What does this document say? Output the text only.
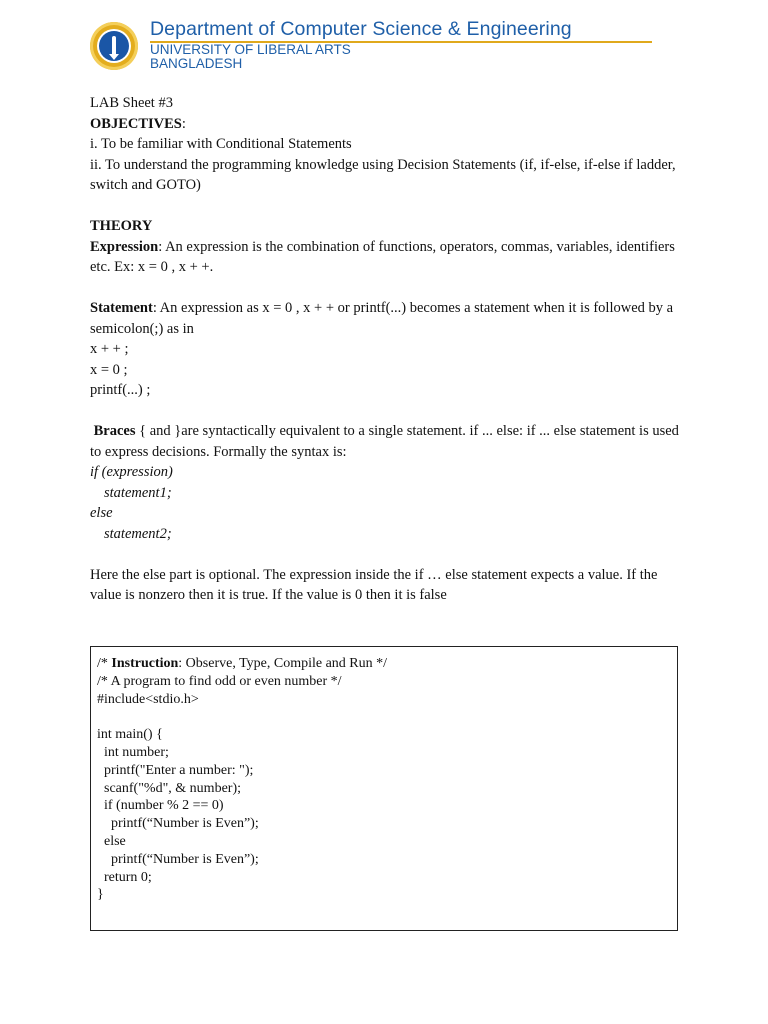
Department of Computer Science & Engineering
UNIVERSITY OF LIBERAL ARTS
BANGLADESH

LAB Sheet #3

OBJECTIVES:

i. To be familiar with Conditional Statements

ii. To understand the programming knowledge using Decision Statements (if, if-else, if-else if ladder, switch and GOTO)

THEORY

Expression: An expression is the combination of functions, operators, commas, variables, identifiers etc. Ex: x = 0 , x + +.

Statement: An expression as x = 0 , x + + or printf(...) becomes a statement when it is followed by a semicolon(;) as in

x + + ;

x = 0 ;

printf(...) ;

Braces { and }are syntactically equivalent to a single statement. if ... else: if ... else statement is used to express decisions. Formally the syntax is:

if (expression)

statement1;

else

statement2;

Here the else part is optional. The expression inside the if … else statement expects a value. If the value is nonzero then it is true. If the value is 0 then it is false

/* Instruction: Observe, Type, Compile and Run */

/* A program to find odd or even number */

#include<stdio.h>

int main() {

int number;

printf("Enter a number: ");

scanf("%d", & number);

if (number % 2 == 0)

printf(“Number is Even”);

else

printf(“Number is Even”);

return 0;

}
